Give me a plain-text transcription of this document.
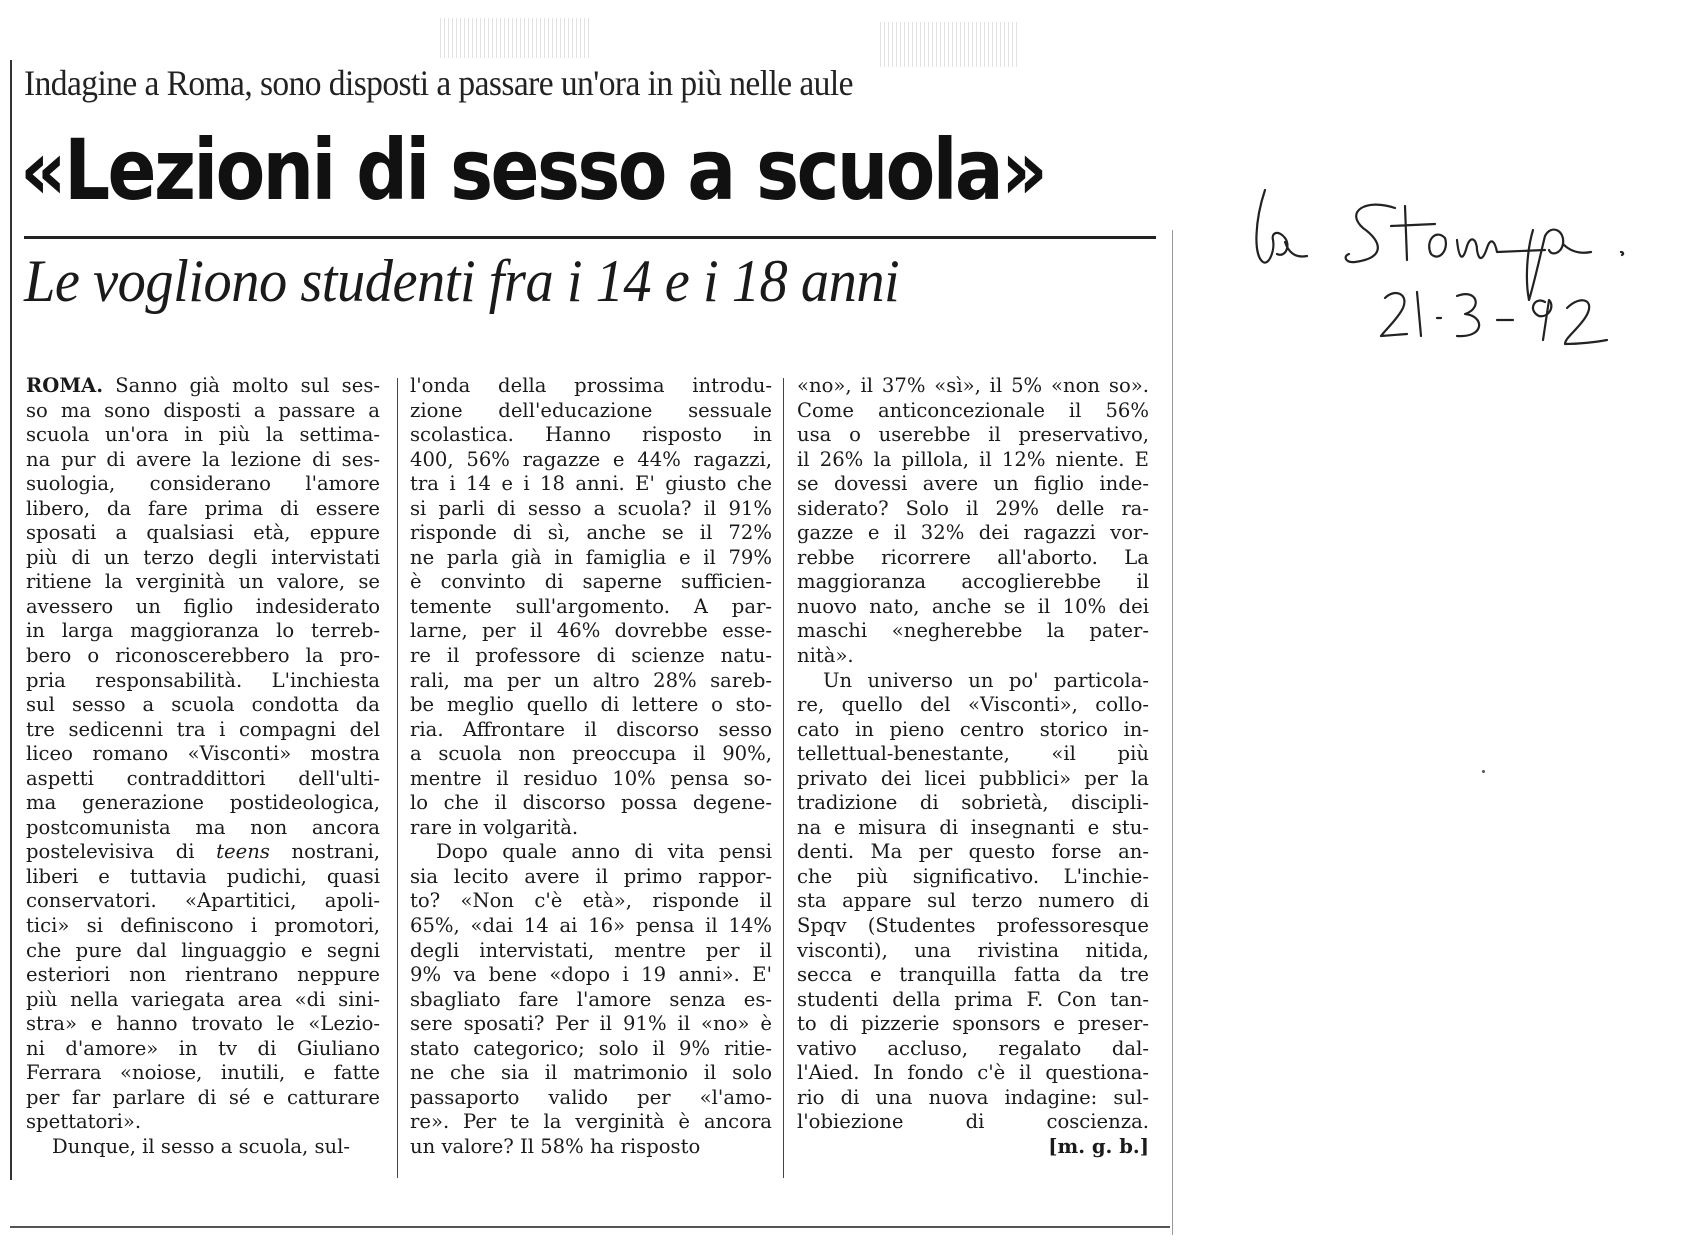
Indagine a Roma, sono disposti a passare un'ora in più nelle aule
«Lezioni di sesso a scuola»
Le vogliono studenti fra i 14 e i 18 anni
ROMA. Sanno già molto sul ses-
so ma sono disposti a passare a
scuola un'ora in più la settima-
na pur di avere la lezione di ses-
suologia, considerano l'amore
libero, da fare prima di essere
sposati a qualsiasi età, eppure
più di un terzo degli intervistati
ritiene la verginità un valore, se
avessero un figlio indesiderato
in larga maggioranza lo terreb-
bero o riconoscerebbero la pro-
pria responsabilità. L'inchiesta
sul sesso a scuola condotta da
tre sedicenni tra i compagni del
liceo romano «Visconti» mostra
aspetti contraddittori dell'ulti-
ma generazione postideologica,
postcomunista ma non ancora
postelevisiva di teens nostrani,
liberi e tuttavia pudichi, quasi
conservatori. «Apartitici, apoli-
tici» si definiscono i promotori,
che pure dal linguaggio e segni
esteriori non rientrano neppure
più nella variegata area «di sini-
stra» e hanno trovato le «Lezio-
ni d'amore» in tv di Giuliano
Ferrara «noiose, inutili, e fatte
per far parlare di sé e catturare
spettatori».
Dunque, il sesso a scuola, sul-
l'onda della prossima introdu-
zione dell'educazione sessuale
scolastica. Hanno risposto in
400, 56% ragazze e 44% ragazzi,
tra i 14 e i 18 anni. E' giusto che
si parli di sesso a scuola? il 91%
risponde di sì, anche se il 72%
ne parla già in famiglia e il 79%
è convinto di saperne sufficien-
temente sull'argomento. A par-
larne, per il 46% dovrebbe esse-
re il professore di scienze natu-
rali, ma per un altro 28% sareb-
be meglio quello di lettere o sto-
ria. Affrontare il discorso sesso
a scuola non preoccupa il 90%,
mentre il residuo 10% pensa so-
lo che il discorso possa degene-
rare in volgarità.
Dopo quale anno di vita pensi
sia lecito avere il primo rappor-
to? «Non c'è età», risponde il
65%, «dai 14 ai 16» pensa il 14%
degli intervistati, mentre per il
9% va bene «dopo i 19 anni». E'
sbagliato fare l'amore senza es-
sere sposati? Per il 91% il «no» è
stato categorico; solo il 9% ritie-
ne che sia il matrimonio il solo
passaporto valido per «l'amo-
re». Per te la verginità è ancora
un valore? Il 58% ha risposto
«no», il 37% «sì», il 5% «non so».
Come anticoncezionale il 56%
usa o userebbe il preservativo,
il 26% la pillola, il 12% niente. E
se dovessi avere un figlio inde-
siderato? Solo il 29% delle ra-
gazze e il 32% dei ragazzi vor-
rebbe ricorrere all'aborto. La
maggioranza accoglierebbe il
nuovo nato, anche se il 10% dei
maschi «negherebbe la pater-
nità».
Un universo un po' particola-
re, quello del «Visconti», collo-
cato in pieno centro storico in-
tellettual-benestante, «il più
privato dei licei pubblici» per la
tradizione di sobrietà, discipli-
na e misura di insegnanti e stu-
denti. Ma per questo forse an-
che più significativo. L'inchie-
sta appare sul terzo numero di
Spqv (Studentes professoresque
visconti), una rivistina nitida,
secca e tranquilla fatta da tre
studenti della prima F. Con tan-
to di pizzerie sponsors e preser-
vativo accluso, regalato dal-
l'Aied. In fondo c'è il questiona-
rio di una nuova indagine: sul-
l'obiezione di coscienza.
[m. g. b.]
